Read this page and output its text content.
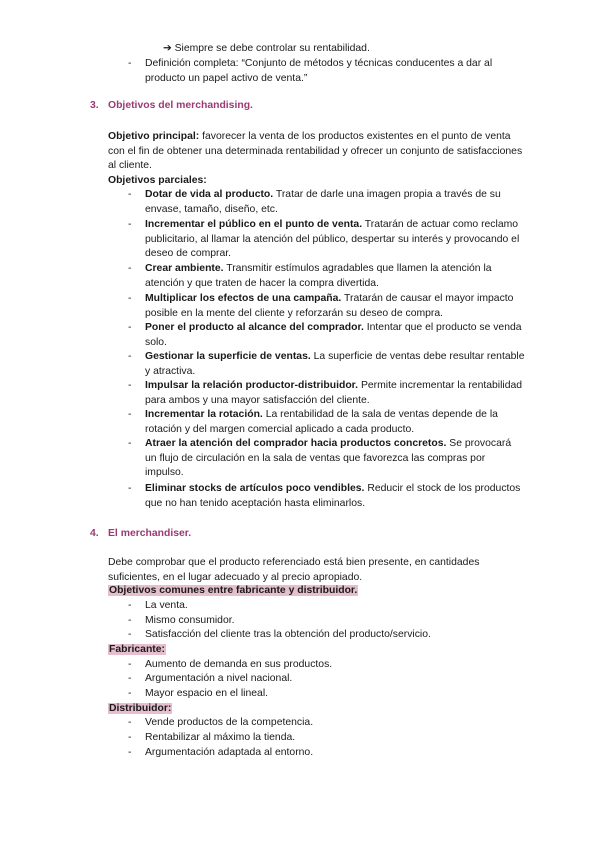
➔ Siempre se debe controlar su rentabilidad.
-	Definición completa: “Conjunto de métodos y técnicas conducentes a dar al producto un papel activo de venta.”
3. Objetivos del merchandising.
Objetivo principal: favorecer la venta de los productos existentes en el punto de venta con el fin de obtener una determinada rentabilidad y ofrecer un conjunto de satisfacciones al cliente.
Objetivos parciales:
-	Dotar de vida al producto. Tratar de darle una imagen propia a través de su envase, tamaño, diseño, etc.
-	Incrementar el público en el punto de venta. Tratarán de actuar como reclamo publicitario, al llamar la atención del público, despertar su interés y provocando el deseo de comprar.
-	Crear ambiente. Transmitir estímulos agradables que llamen la atención la atención y que traten de hacer la compra divertida.
-	Multiplicar los efectos de una campaña. Tratarán de causar el mayor impacto posible en la mente del cliente y reforzarán su deseo de compra.
-	Poner el producto al alcance del comprador. Intentar que el producto se venda solo.
-	Gestionar la superficie de ventas. La superficie de ventas debe resultar rentable y atractiva.
-	Impulsar la relación productor-distribuidor. Permite incrementar la rentabilidad para ambos y una mayor satisfacción del cliente.
-	Incrementar la rotación. La rentabilidad de la sala de ventas depende de la rotación y del margen comercial aplicado a cada producto.
-	Atraer la atención del comprador hacia productos concretos. Se provocará un flujo de circulación en la sala de ventas que favorezca las compras por impulso.
-	Eliminar stocks de artículos poco vendibles. Reducir el stock de los productos que no han tenido aceptación hasta eliminarlos.
4. El merchandiser.
Debe comprobar que el producto referenciado está bien presente, en cantidades suficientes, en el lugar adecuado y al precio apropiado.
Objetivos comunes entre fabricante y distribuidor.
-	La venta.
-	Mismo consumidor.
-	Satisfacción del cliente tras la obtención del producto/servicio.
Fabricante:
-	Aumento de demanda en sus productos.
-	Argumentación a nivel nacional.
-	Mayor espacio en el lineal.
Distribuidor:
-	Vende productos de la competencia.
-	Rentabilizar al máximo la tienda.
-	Argumentación adaptada al entorno.
